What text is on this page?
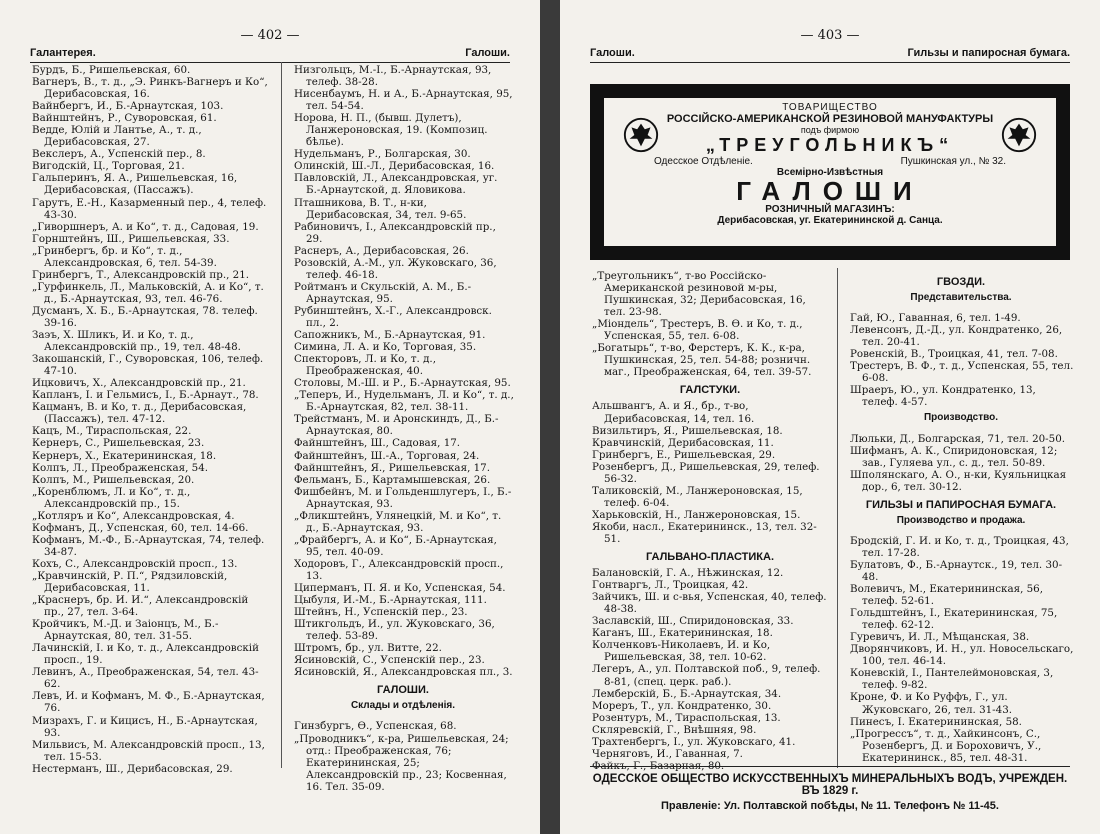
— 402 —
Галантерея.	Галоши.

Бурдъ, Б., Ришельевская, 60.

Вагнеръ, В., т. д., „Э. Ринкъ-Вагнеръ и Ко“, Дерибасовская, 16.

Вайнбергъ, И., Б.-Арнаутская, 103.

Вайнштейнъ, Р., Суворовская, 61.

Ведде, Юлій и Лантье, А., т. д., Дерибасовская, 27.

Векслеръ, А., Успенскій пер., 8.

Вигодскій, Ц., Торговая, 21.

Гальперинъ, Я. А., Ришельевская, 16, Дерибасовская, (Пассажъ).

Гарутъ, Е.-Н., Казарменный пер., 4, телеф. 43-30.

„Гиворшнеръ, А. и Ко“, т. д., Садовая, 19.

Горнштейнъ, Ш., Ришельевская, 33.

„Гринбергъ, бр. и Ко“, т. д., Александровская, 6, тел. 54-39.

Гринбергъ, Т., Александровскій пр., 21.

„Гурфинкель, Л., Мальковскій, А. и Ко“, т. д., Б.-Арнаутская, 93, тел. 46-76.

Дусманъ, Х. Б., Б.-Арнаутская, 78. телеф. 39-16.

Заэъ, Х. Шликъ, И. и Ко, т. д., Александровскій пр., 19, тел. 48-48.

Закошанскій, Г., Суворовская, 106, телеф. 47-10.

Ицковичъ, Х., Александровскій пр., 21.

Капланъ, І. и Гельмисъ, І., Б.-Арнаут., 78.

Кацманъ, В. и Ко, т. д., Дерибасовская, (Пассажъ), тел. 47-12.

Кацъ, М., Тираспольская, 22.

Кернеръ, С., Ришельевская, 23.

Кернеръ, Х., Екатерининская, 18.

Колпъ, Л., Преображенская, 54.

Колпъ, М., Ришельевская, 20.

„Коренблюмъ, Л. и Ко“, т. д., Александровскій пр., 15.

„Котляръ и Ко“, Александровская, 4.

Кофманъ, Д., Успенская, 60, тел. 14-66.

Кофманъ, М.-Ф., Б.-Арнаутская, 74, телеф. 34-87.

Кохъ, С., Александровскій просп., 13.

„Кравчинскій, Р. П.“, Рядзиловскій, Дерибасовская, 11.

„Краснеръ, бр. И. И.“, Александровскій пр., 27, тел. 3-64.

Кройчикъ, М.-Д. и Заіонцъ, М., Б.-Арнаутская, 80, тел. 31-55.

Лачинскій, І. и Ко, т. д., Александровскій просп., 19.

Левинъ, А., Преображенская, 54, тел. 43-62.

Левъ, И. и Кофманъ, М. Ф., Б.-Арнаутская, 76.

Мизрахъ, Г. и Кицисъ, Н., Б.-Арнаутская, 93.

Мильвисъ, М. Александровскій просп., 13, тел. 15-53.

Нестерманъ, Ш., Дерибасовская, 29.

Низгольцъ, М.-І., Б.-Арнаутская, 93, телеф. 38-28.

Нисенбаумъ, Н. и А., Б.-Арнаутская, 95, тел. 54-54.

Норова, Н. П., (бывш. Дулетъ), Ланжероновская, 19. (Композиц. бѣлье).

Нудельманъ, Р., Болгарская, 30.

Олинскій, Ш.-Л., Дерибасовская, 16.

Павловскій, Л., Александровская, уг. Б.-Арнаутской, д. Яловикова.

Пташникова, В. Т., н-ки, Дерибасовская, 34, тел. 9-65.

Рабиновичъ, І., Александровскій пр., 29.

Раснеръ, А., Дерибасовская, 26.

Розовскій, А.-М., ул. Жуковскаго, 36, телеф. 46-18.

Ройтманъ и Скульскій, А. М., Б.-Арнаутская, 95.

Рубинштейнъ, Х.-Г., Александровск. пл., 2.

Сапожникъ, М., Б.-Арнаутская, 91.

Симина, Л. А. и Ко, Торговая, 35.

Спекторовъ, Л. и Ко, т. д., Преображенская, 40.

Столовы, М.-Ш. и Р., Б.-Арнаутская, 95.

„Теперъ, И., Нудельманъ, Л. и Ко“, т. д., Б.-Арнаутская, 82, тел. 38-11.

Трейстманъ, М. и Аронскиндъ, Д., Б.-Арнаутская, 80.

Файнштейнъ, Ш., Садовая, 17.

Файнштейнъ, Ш.-А., Торговая, 24.

Файнштейнъ, Я., Ришельевская, 17.

Фельманъ, Б., Картамышевская, 26.

Фишбейнъ, М. и Гольденшлугеръ, І., Б.-Арнаутская, 93.

„Фликштейнъ, Улянецкій, М. и Ко“, т. д., Б.-Арнаутская, 93.

„Фрайбергъ, А. и Ко“, Б.-Арнаутская, 95, тел. 40-09.

Ходоровъ, Г., Александровскій просп., 13.

Циперманъ, П. Я. и Ко, Успенская, 54.

Цыбуля, И.-М., Б.-Арнаутская, 111.

Штейнъ, Н., Успенскій пер., 23.

Штикгольдъ, И., ул. Жуковскаго, 36, телеф. 53-89.

Штромъ, бр., ул. Витте, 22.

Ясиновскій, С., Успенскій пер., 23.

Ясиновскій, Я., Александровская пл., 3.

ГАЛОШИ.
Склады и отдѣленія.

Гинзбургъ, Ѳ., Успенская, 68.

„Проводникъ“, к-ра, Ришельевская, 24; отд.: Преображенская, 76; Екатерининская, 25; Александровскій пр., 23; Косвенная, 16. Тел. 35-09.

— 403 —
Галоши.	Гильзы и папиросная бумага.
ТОВАРИЩЕСТВО
РОССІЙСКО-АМЕРИКАНСКОЙ РЕЗИНОВОЙ МАНУФАКТУРЫ
подъ фирмою
„ТРЕУГОЛЬНИКЪ“
Одесское Отдѣленіе.	Пушкинская ул., № 32.
Всемірно-Извѣстныя
ГАЛОШИ
РОЗНИЧНЫЙ МАГАЗИНЪ:
Дерибасовская, уг. Екатерининской д. Санца.

„Треугольникъ“, т-во Россійско-Американской резиновой м-ры, Пушкинская, 32; Дерибасовская, 16, тел. 23-98.

„Міондель“, Трестеръ, В. Ѳ. и Ко, т. д., Успенская, 55, тел. 6-08.

„Богатырь“, т-во, Ферстеръ, К. К., к-ра, Пушкинская, 25, тел. 54-88; розничн. маг., Преображенская, 64, тел. 39-57.

ГАЛСТУКИ.

Альшвангъ, А. и Я., бр., т-во, Дерибасовская, 14, тел. 16.

Визильтиръ, Я., Ришельевская, 18.

Кравчинскій, Дерибасовская, 11.

Гринбергъ, Е., Ришельевская, 29.

Розенбергъ, Д., Ришельевская, 29, телеф. 56-32.

Таликовскій, М., Ланжероновская, 15, телеф. 6-04.

Харьковскій, Н., Ланжероновская, 15.

Якоби, насл., Екатерининск., 13, тел. 32-51.

ГАЛЬВАНО-ПЛАСТИКА.

Балановскій, Г. А., Нѣжинская, 12.

Гонтваргъ, Л., Троицкая, 42.

Зайчикъ, Ш. и с-вья, Успенская, 40, телеф. 48-38.

Заславскій, Ш., Спиридоновская, 33.

Каганъ, Ш., Екатерининская, 18.

Колченковъ-Николаевъ, И. и Ко, Ришельевская, 38, тел. 10-62.

Легеръ, А., ул. Полтавской поб., 9, телеф. 8-81, (спец. церк. раб.).

Лемберскій, Б., Б.-Арнаутская, 34.

Мореръ, Т., ул. Кондратенко, 30.

Розентуръ, М., Тираспольская, 13.

Скляревскій, Г., Внѣшняя, 98.

Трахтенбергъ, І., ул. Жуковскаго, 41.

Черняговъ, И., Гаванная, 7.

Файкъ, Г., Базарная, 80.

ГВОЗДИ.
Представительства.

Гай, Ю., Гаванная, 6, тел. 1-49.

Левенсонъ, Д.-Д., ул. Кондратенко, 26, тел. 20-41.

Ровенскій, В., Троицкая, 41, тел. 7-08.

Трестеръ, В. Ф., т. д., Успенская, 55, тел. 6-08.

Шраеръ, Ю., ул. Кондратенко, 13, телеф. 4-57.

Производство.

Люльки, Д., Болгарская, 71, тел. 20-50.

Шифманъ, А. К., Спиридоновская, 12; зав., Гуляева ул., с. д., тел. 50-89.

Шполянскаго, А. О., н-ки, Куяльницкая дор., 6, тел. 30-12.

ГИЛЬЗЫ и ПАПИРОСНАЯ БУМАГА.
Производство и продажа.

Бродскій, Г. И. и Ко, т. д., Троицкая, 43, тел. 17-28.

Булатовъ, Ф., Б.-Арнаутск., 19, тел. 30-48.

Волевичъ, М., Екатерининская, 56, телеф. 52-61.

Гольдштейнъ, І., Екатерининская, 75, телеф. 62-12.

Гуревичъ, И. Л., Мѣщанская, 38.

Дворянчиковъ, И. Н., ул. Новосельскаго, 100, тел. 46-14.

Коневскій, І., Пантелеймоновская, 3, телеф. 9-82.

Кроне, Ф. и Ко Руффъ, Г., ул. Жуковскаго, 26, тел. 31-43.

Пинесъ, І. Екатерининская, 58.

„Прогрессъ“, т. д., Хайкинсонъ, С., Розенбергъ, Д. и Бороховичъ, У., Екатерининск., 85, тел. 48-31.

ОДЕССКОЕ ОБЩЕСТВО ИСКУССТВЕННЫХЪ МИНЕРАЛЬНЫХЪ ВОДЪ, УЧРЕЖДЕН. ВЪ 1829 г.
Правленіе: Ул. Полтавской побѣды, № 11. Телефонъ № 11-45.
